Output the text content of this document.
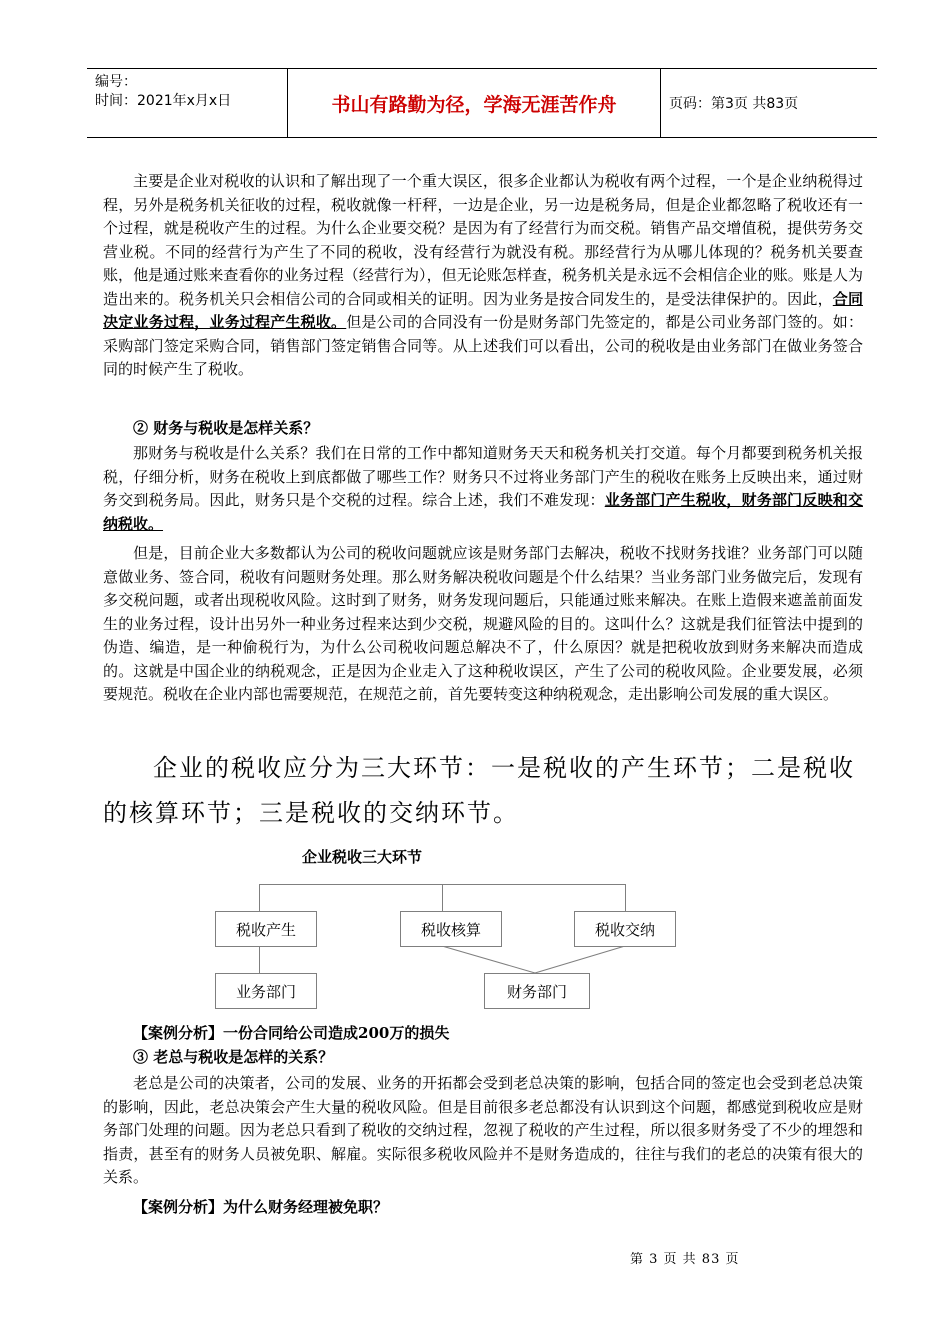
编号：
时间：2021年x月x日	书山有路勤为径，学海无涯苦作舟	页码：第3页 共83页

主要是企业对税收的认识和了解出现了一个重大误区，很多企业都认为税收有两个过程，一个是企业纳税得过程，另外是税务机关征收的过程，税收就像一杆秤，一边是企业，另一边是税务局，但是企业都忽略了税收还有一个过程，就是税收产生的过程。为什么企业要交税？是因为有了经营行为而交税。销售产品交增值税，提供劳务交营业税。不同的经营行为产生了不同的税收，没有经营行为就没有税。那经营行为从哪儿体现的？税务机关要查账，他是通过账来查看你的业务过程（经营行为），但无论账怎样查，税务机关是永远不会相信企业的账。账是人为造出来的。税务机关只会相信公司的合同或相关的证明。因为业务是按合同发生的，是受法律保护的。因此，合同决定业务过程，业务过程产生税收。但是公司的合同没有一份是财务部门先签定的，都是公司业务部门签的。如：采购部门签定采购合同，销售部门签定销售合同等。从上述我们可以看出，公司的税收是由业务部门在做业务签合同的时候产生了税收。

② 财务与税收是怎样关系？

那财务与税收是什么关系？我们在日常的工作中都知道财务天天和税务机关打交道。每个月都要到税务机关报税，仔细分析，财务在税收上到底都做了哪些工作？财务只不过将业务部门产生的税收在账务上反映出来，通过财务交到税务局。因此，财务只是个交税的过程。综合上述，我们不难发现：业务部门产生税收，财务部门反映和交纳税收。

但是，目前企业大多数都认为公司的税收问题就应该是财务部门去解决，税收不找财务找谁？业务部门可以随意做业务、签合同，税收有问题财务处理。那么财务解决税收问题是个什么结果？当业务部门业务做完后，发现有多交税问题，或者出现税收风险。这时到了财务，财务发现问题后，只能通过账来解决。在账上造假来遮盖前面发生的业务过程，设计出另外一种业务过程来达到少交税，规避风险的目的。这叫什么？这就是我们征管法中提到的伪造、编造，是一种偷税行为，为什么公司税收问题总解决不了，什么原因？就是把税收放到财务来解决而造成的。这就是中国企业的纳税观念，正是因为企业走入了这种税收误区，产生了公司的税收风险。企业要发展，必须要规范。税收在企业内部也需要规范，在规范之前，首先要转变这种纳税观念，走出影响公司发展的重大误区。

企业的税收应分为三大环节：一是税收的产生环节；二是税收的核算环节；三是税收的交纳环节。

企业税收三大环节
税收产生	税收核算	税收交纳
业务部门	财务部门

【案例分析】一份合同给公司造成200万的损失

③ 老总与税收是怎样的关系？

老总是公司的决策者，公司的发展、业务的开拓都会受到老总决策的影响，包括合同的签定也会受到老总决策的影响，因此，老总决策会产生大量的税收风险。但是目前很多老总都没有认识到这个问题，都感觉到税收应是财务部门处理的问题。因为老总只看到了税收的交纳过程，忽视了税收的产生过程，所以很多财务受了不少的埋怨和指责，甚至有的财务人员被免职、解雇。实际很多税收风险并不是财务造成的，往往与我们的老总的决策有很大的关系。

【案例分析】为什么财务经理被免职？

第 3 页 共 83 页
